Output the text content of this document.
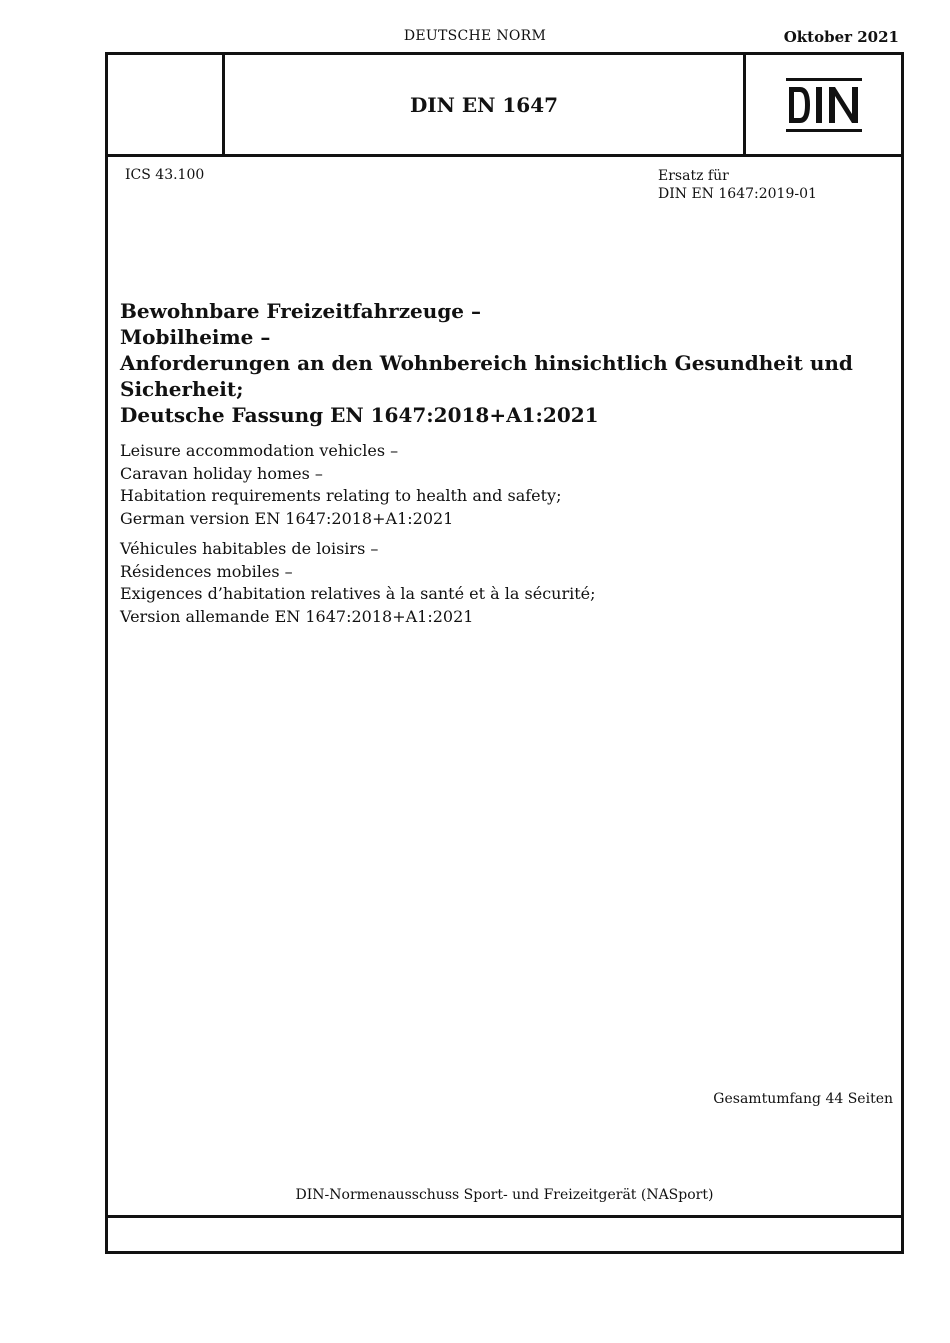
DEUTSCHE NORM	Oktober 2021
DIN EN 1647
ICS 43.100	Ersatz für
DIN EN 1647:2019-01
Bewohnbare Freizeitfahrzeuge –
Mobilheime –
Anforderungen an den Wohnbereich hinsichtlich Gesundheit und
Sicherheit;
Deutsche Fassung EN 1647:2018+A1:2021
Leisure accommodation vehicles –
Caravan holiday homes –
Habitation requirements relating to health and safety;
German version EN 1647:2018+A1:2021
Véhicules habitables de loisirs –
Résidences mobiles –
Exigences d’habitation relatives à la santé et à la sécurité;
Version allemande EN 1647:2018+A1:2021
Gesamtumfang 44 Seiten
DIN-Normenausschuss Sport- und Freizeitgerät (NASport)
